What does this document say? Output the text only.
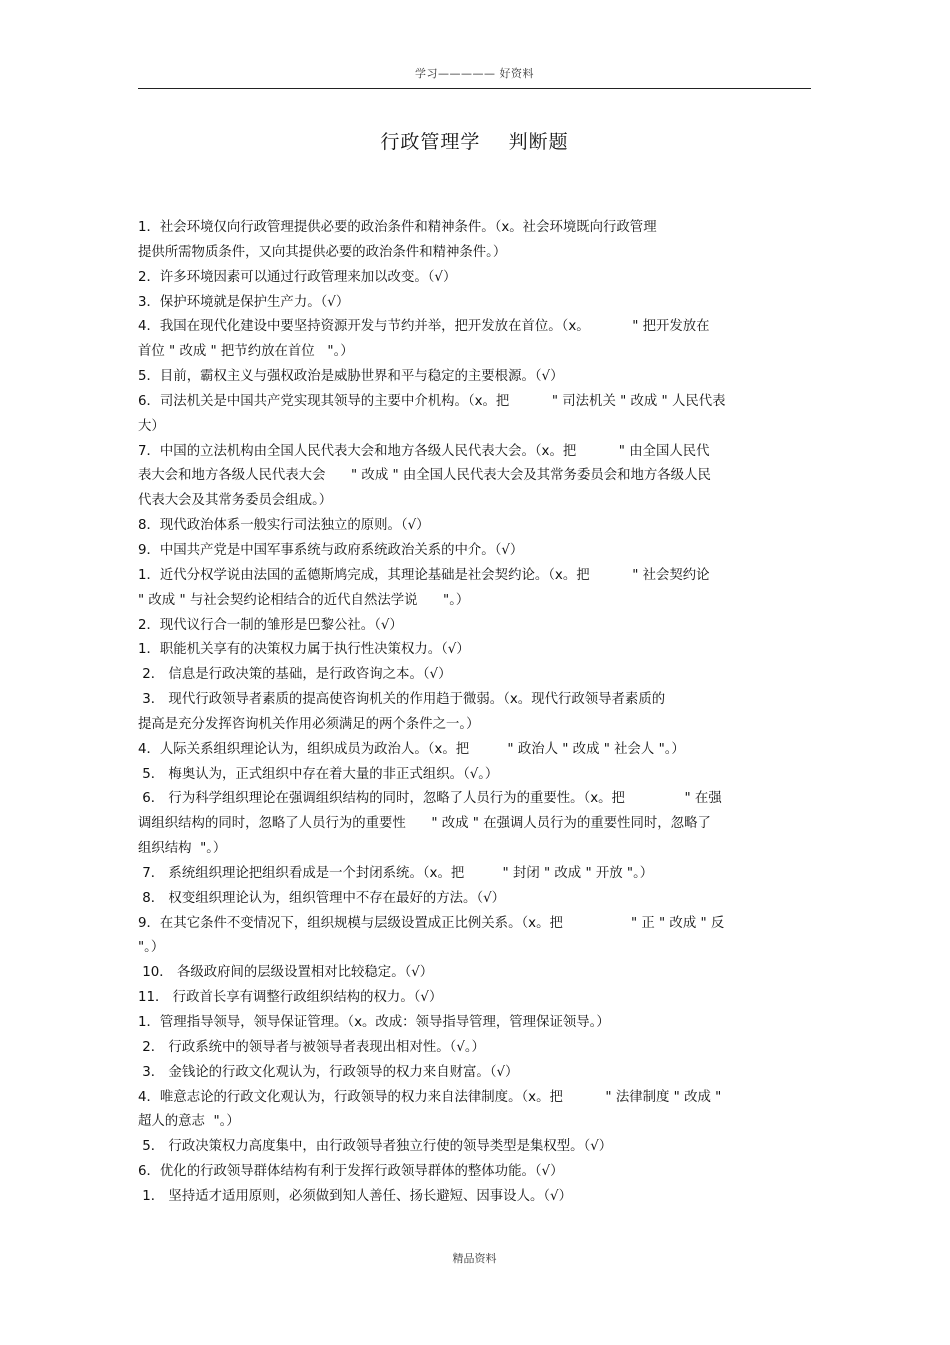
学习————— 好资料
行政管理学    判断题
1．社会环境仅向行政管理提供必要的政治条件和精神条件。（x。社会环境既向行政管理
提供所需物质条件，又向其提供必要的政治条件和精神条件。）
2．许多环境因素可以通过行政管理来加以改变。（√）
3．保护环境就是保护生产力。（√）
4．我国在现代化建设中要坚持资源开发与节约并举，把开发放在首位。（x。          " 把开发放在
首位 " 改成 " 把节约放在首位   "。）
5．目前，霸权主义与强权政治是威胁世界和平与稳定的主要根源。（√）
6．司法机关是中国共产党实现其领导的主要中介机构。（x。把          " 司法机关 " 改成 " 人民代表
大）
7．中国的立法机构由全国人民代表大会和地方各级人民代表大会。（x。把          " 由全国人民代
表大会和地方各级人民代表大会      " 改成 " 由全国人民代表大会及其常务委员会和地方各级人民
代表大会及其常务委员会组成。）
8．现代政治体系一般实行司法独立的原则。（√）
9．中国共产党是中国军事系统与政府系统政治关系的中介。（√）
1．近代分权学说由法国的孟德斯鸠完成，其理论基础是社会契约论。（x。把          " 社会契约论
" 改成 " 与社会契约论相结合的近代自然法学说      "。）
2．现代议行合一制的雏形是巴黎公社。（√）
1．职能机关享有的决策权力属于执行性决策权力。（√）
2． 信息是行政决策的基础，是行政咨询之本。（√）
3． 现代行政领导者素质的提高使咨询机关的作用趋于微弱。（x。现代行政领导者素质的
提高是充分发挥咨询机关作用必须满足的两个条件之一。）
4．人际关系组织理论认为，组织成员为政治人。（x。把         " 政治人 " 改成 " 社会人 "。）
5． 梅奥认为，正式组织中存在着大量的非正式组织。（√。）
6． 行为科学组织理论在强调组织结构的同时，忽略了人员行为的重要性。（x。把              " 在强
调组织结构的同时，忽略了人员行为的重要性      " 改成 " 在强调人员行为的重要性同时，忽略了
组织结构  "。）
7． 系统组织理论把组织看成是一个封闭系统。（x。把         " 封闭 " 改成 " 开放 "。）
8． 权变组织理论认为，组织管理中不存在最好的方法。（√）
9．在其它条件不变情况下，组织规模与层级设置成正比例关系。（x。把                " 正 " 改成 " 反
"。）
10． 各级政府间的层级设置相对比较稳定。（√）
11． 行政首长享有调整行政组织结构的权力。（√）
1．管理指导领导，领导保证管理。（x。改成：领导指导管理，管理保证领导。）
2． 行政系统中的领导者与被领导者表现出相对性。（√。）
3． 金钱论的行政文化观认为，行政领导的权力来自财富。（√）
4．唯意志论的行政文化观认为，行政领导的权力来自法律制度。（x。把          " 法律制度 " 改成 "
超人的意志  "。）
5． 行政决策权力高度集中，由行政领导者独立行使的领导类型是集权型。（√）
6．优化的行政领导群体结构有利于发挥行政领导群体的整体功能。（√）
1． 坚持适才适用原则，必须做到知人善任、扬长避短、因事设人。（√）
精品资料
